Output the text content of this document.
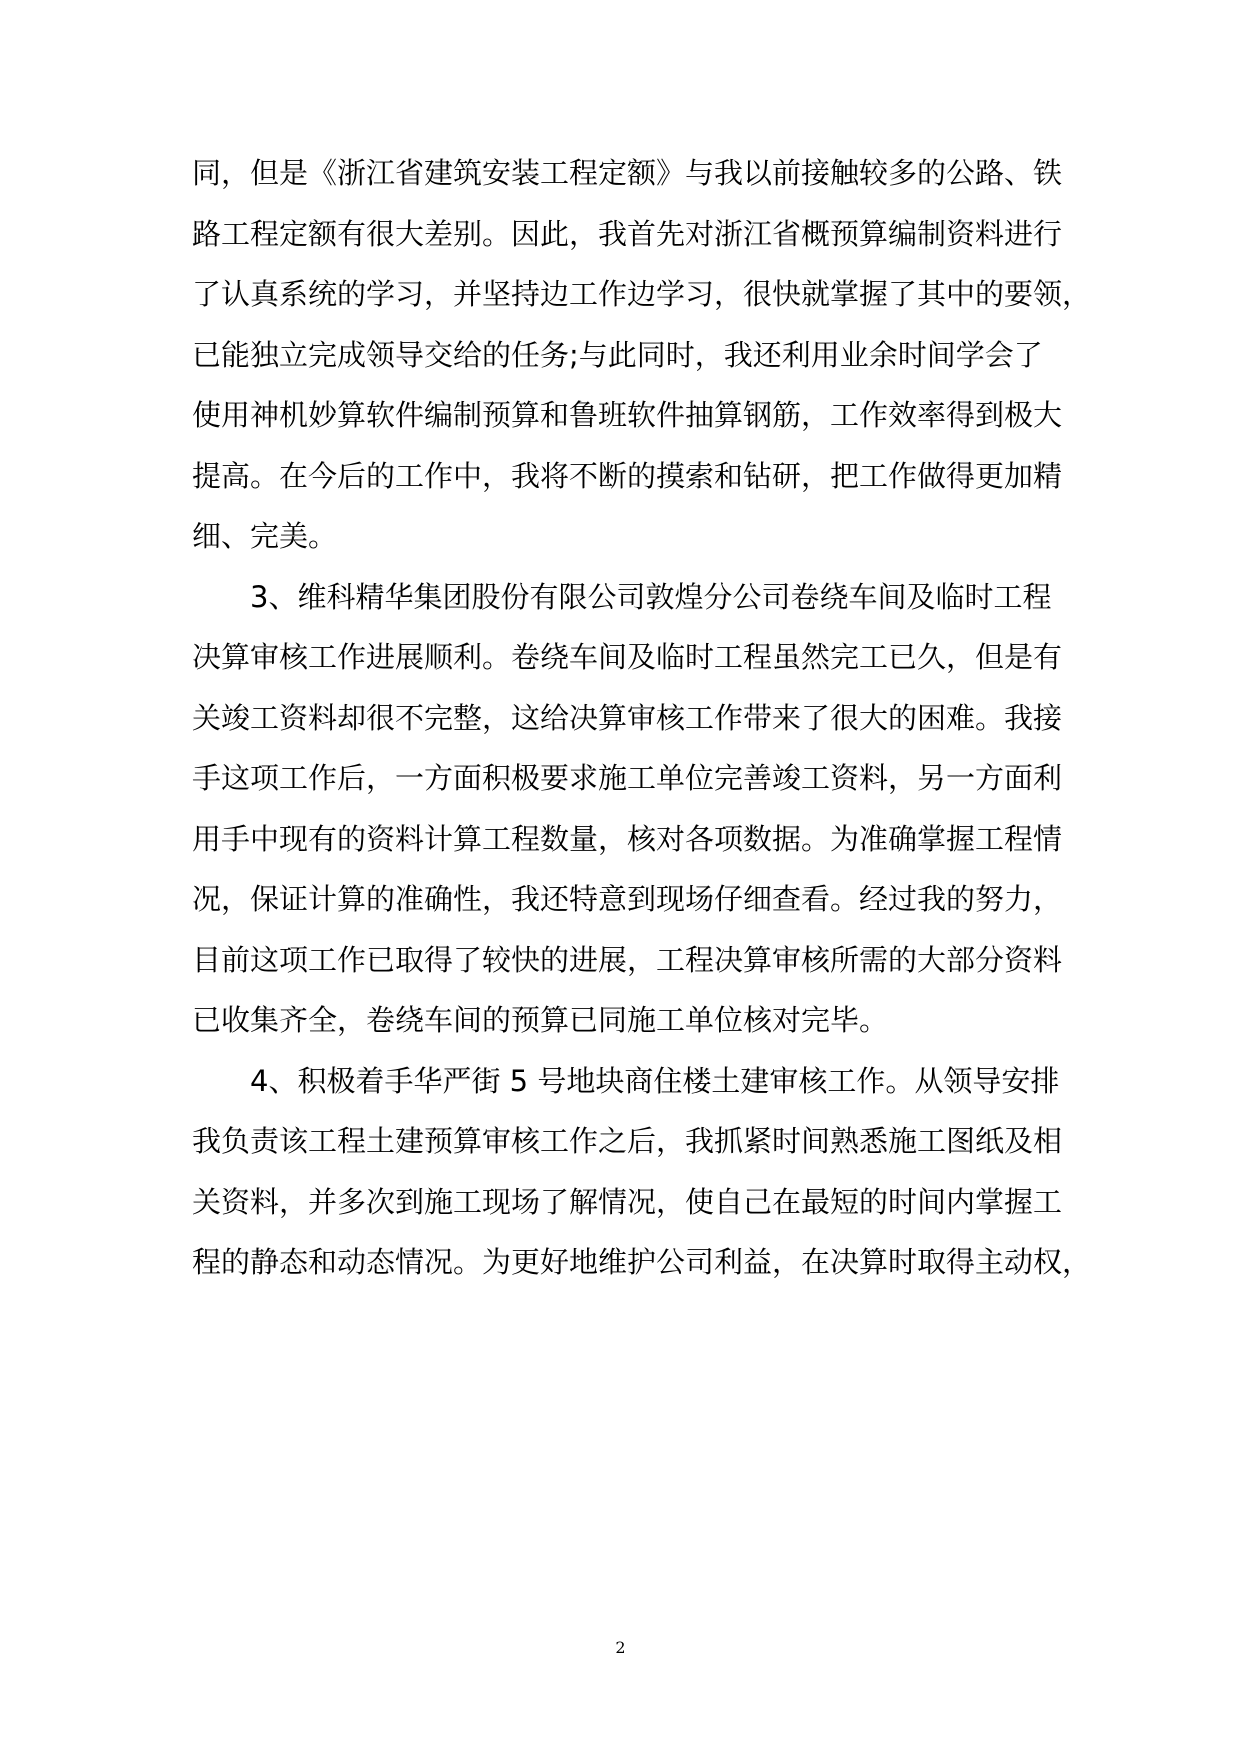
同，但是《浙江省建筑安装工程定额》与我以前接触较多的公路、铁
路工程定额有很大差别。因此，我首先对浙江省概预算编制资料进行
了认真系统的学习，并坚持边工作边学习，很快就掌握了其中的要领，
已能独立完成领导交给的任务;与此同时，我还利用业余时间学会了
使用神机妙算软件编制预算和鲁班软件抽算钢筋，工作效率得到极大
提高。在今后的工作中，我将不断的摸索和钻研，把工作做得更加精
细、完美。
3、维科精华集团股份有限公司敦煌分公司卷绕车间及临时工程
决算审核工作进展顺利。卷绕车间及临时工程虽然完工已久，但是有
关竣工资料却很不完整，这给决算审核工作带来了很大的困难。我接
手这项工作后，一方面积极要求施工单位完善竣工资料，另一方面利
用手中现有的资料计算工程数量，核对各项数据。为准确掌握工程情
况，保证计算的准确性，我还特意到现场仔细查看。经过我的努力，
目前这项工作已取得了较快的进展，工程决算审核所需的大部分资料
已收集齐全，卷绕车间的预算已同施工单位核对完毕。
4、积极着手华严街 5 号地块商住楼土建审核工作。从领导安排
我负责该工程土建预算审核工作之后，我抓紧时间熟悉施工图纸及相
关资料，并多次到施工现场了解情况，使自己在最短的时间内掌握工
程的静态和动态情况。为更好地维护公司利益，在决算时取得主动权，
2
